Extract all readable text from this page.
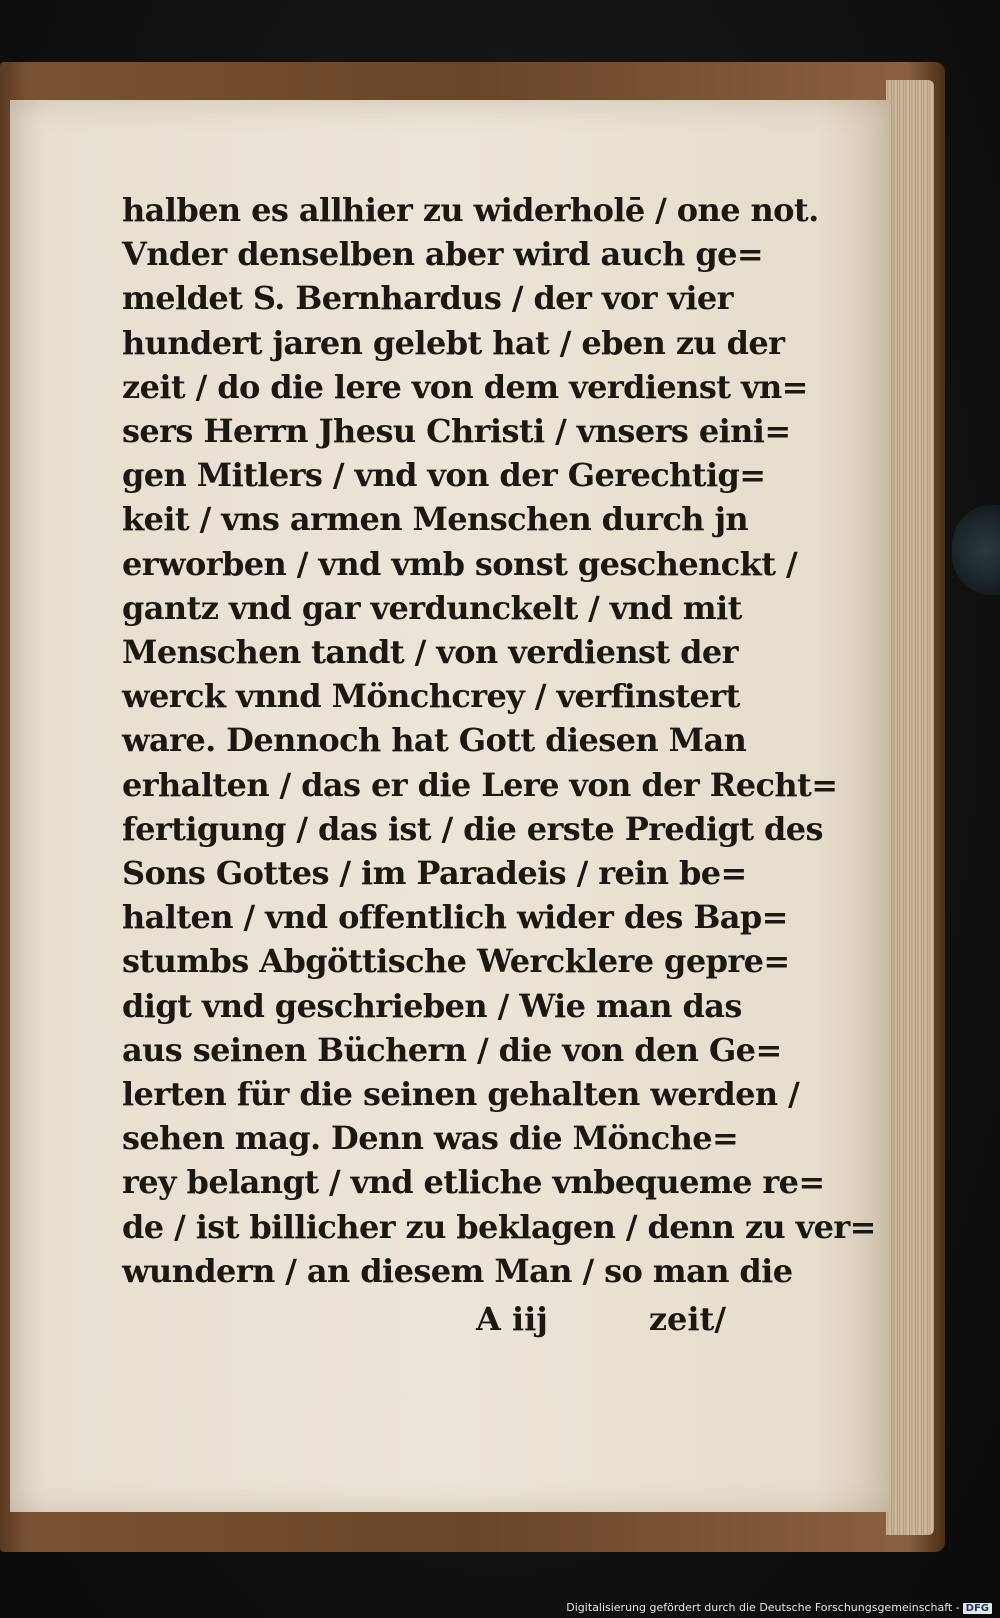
halben es allhier zu widerholē / one not.
Vnder denselben aber wird auch ge=
meldet S. Bernhardus / der vor vier
hundert jaren gelebt hat / eben zu der
zeit / do die lere von dem verdienst vn=
sers Herrn Jhesu Christi / vnsers eini=
gen Mitlers / vnd von der Gerechtig=
keit / vns armen Menschen durch jn
erworben / vnd vmb sonst geschenckt /
gantz vnd gar verdunckelt / vnd mit
Menschen tandt / von verdienst der
werck vnnd Mönchcrey / verfinstert
ware. Dennoch hat Gott diesen Man
erhalten / das er die Lere von der Recht=
fertigung / das ist / die erste Predigt des
Sons Gottes / im Paradeis / rein be=
halten / vnd offentlich wider des Bap=
stumbs Abgöttische Wercklere gepre=
digt vnd geschrieben / Wie man das
aus seinen Büchern / die von den Ge=
lerten für die seinen gehalten werden /
sehen mag. Denn was die Mönche=
rey belangt / vnd etliche vnbequeme re=
de / ist billicher zu beklagen / denn zu ver=
wundern / an diesem Man / so man die
A iij	zeit/
Digitalisierung gefördert durch die Deutsche Forschungsgemeinschaft - DFG
